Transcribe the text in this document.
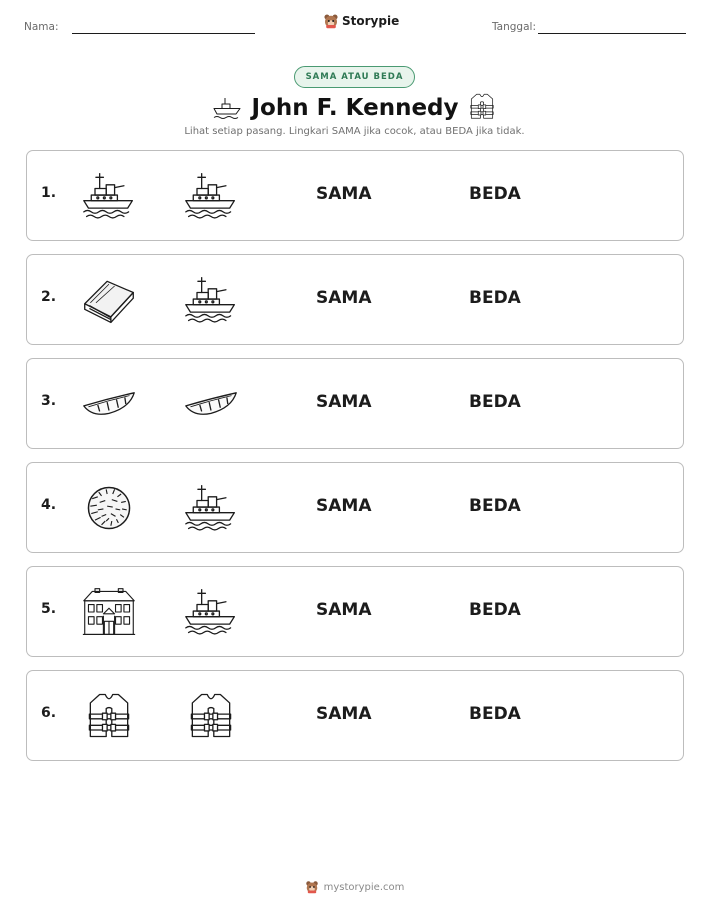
Nama:	Storypie	Tanggal:
SAMA ATAU BEDA
John F. Kennedy
Lihat setiap pasang. Lingkari SAMA jika cocok, atau BEDA jika tidak.
1.	SAMA	BEDA
2.	SAMA	BEDA
3.	SAMA	BEDA
4.	SAMA	BEDA
5.	SAMA	BEDA
6.	SAMA	BEDA
mystorypie.com
